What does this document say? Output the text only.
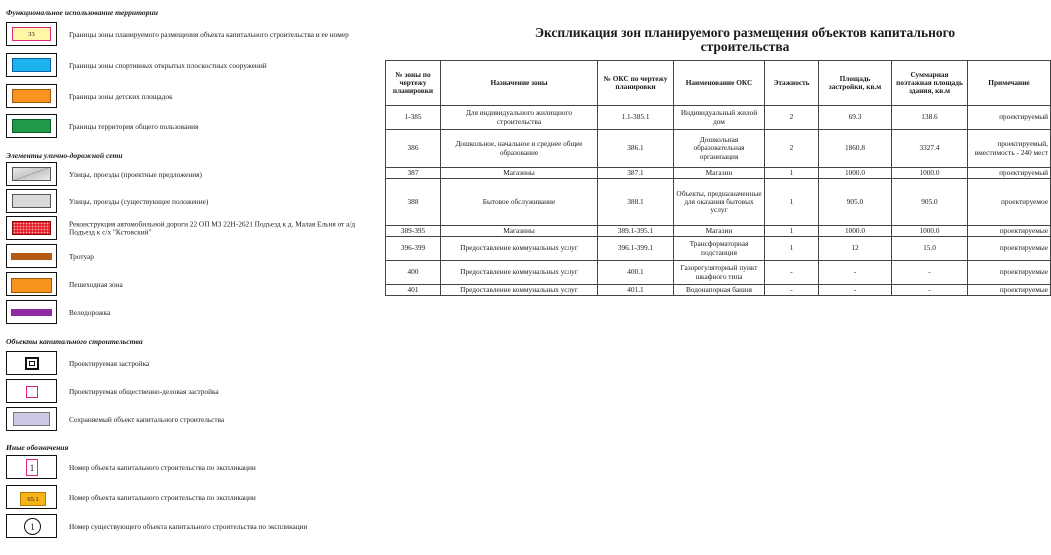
Функциональное использование территории
33	Границы зоны планируемого размещения объекта капитального строительства и ее номер
Границы зоны спортивных открытых плоскостных сооружений
Границы зоны детских площадок
Границы территория общего пользования
Элементы улично-дорожной сети
Улицы, проезды (проектные предложения)
Улицы, проезды (существующее положение)
Реконструкция автомобильной дороги 22 ОП МЗ 22Н-2621 Подъезд к д. Малая Ельня от а/д Подъезд к с/х "Кстовский"
Тротуар
Пешеходная зона
Велодорожка
Объекты капитального строительства
Проектируемая застройка
Проектируемая общественно-деловая застройка
Сохраняемый объект капитального строительства
Иные обозначения
1	Номер объекта капитального строительства по экспликации
65.1	Номер объекта капитального строительства по экспликации
1	Номер существующего объекта капитального строительства по экспликации
Экспликация зон планируемого размещения объектов капитального строительства
№ зоны по чертежу планировки	Назначение зоны	№ ОКС по чертежу планировки	Наименование ОКС	Этажность	Площадь застройки, кв.м	Суммарная поэтажная площадь здания, кв.м	Примечание
1-385	Для индивидуального жилищного строительства	1.1-385.1	Индивидуальный жилой дом	2	69.3	138.6	проектируемый
386	Дошкольное, начальное и среднее общее образование	386.1	Дошкольная образовательная организация	2	1860.8	3327.4	проектируемый, вместимость - 240 мест
387	Магазины	387.1	Магазин	1	1000.0	1000.0	проектируемый
388	Бытовое обслуживание	388.1	Объекты, предназначенные для оказания бытовых услуг	1	905.0	905.0	проектируемое
389-395	Магазины	389.1-395.1	Магазин	1	1000.0	1000.0	проектируемые
396-399	Предоставление коммунальных услуг	396.1-399.1	Трансформаторная подстанция	1	12	15.0	проектируемые
400	Предоставление коммунальных услуг	400.1	Газорегуляторный пункт шкафного типа	-	-	-	проектируемые
401	Предоставление коммунальных услуг	401.1	Водонапорная башня	-	-	-	проектируемые
